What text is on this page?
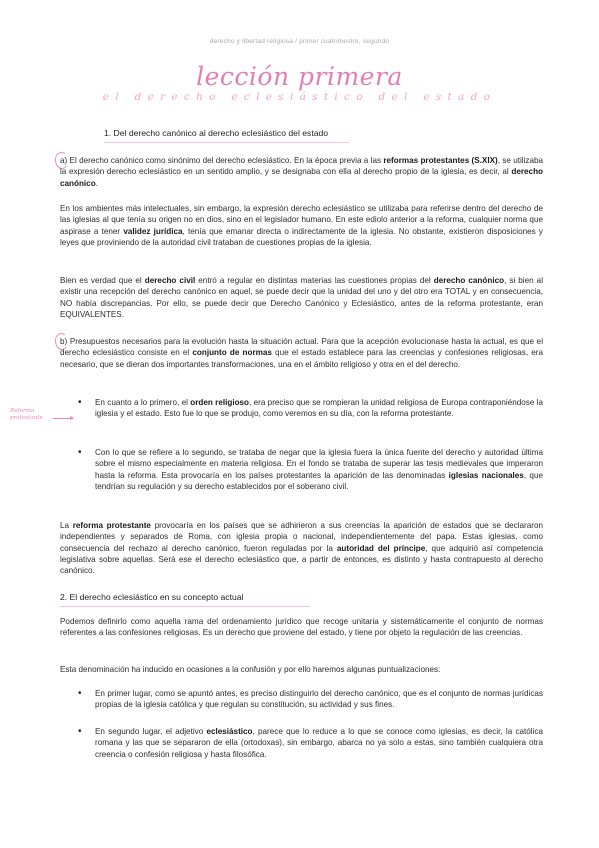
derecho y libertad religiosa / primer cuatrimestre, segundo
lección primera
el derecho eclesiástico del estado
1. Del derecho canónico al derecho eclesiástico del estado

a) El derecho canónico como sinónimo del derecho eclesiástico. En la época previa a las reformas protestantes (S.XIX), se utilizaba la expresión derecho eclesiástico en un sentido amplio, y se designaba con ella al derecho propio de la iglesia, es decir, al derecho canónico.

En los ambientes más intelectuales, sin embargo, la expresión derecho eclesiástico se utilizaba para referirse dentro del derecho de las iglesias al que tenía su origen no en dios, sino en el legislador humano. En este ediolo anterior a la reforma, cualquier norma que aspirase a tener validez jurídica, tenía que emanar directa o indirectamente de la iglesia. No obstante, existieron disposiciones y leyes que proviniendo de la autoridad civil trataban de cuestiones propias de la iglesia.

Bien es verdad que el derecho civil entró a regular en distintas materias las cuestiones propias del derecho canónico, si bien al existir una recepción del derecho canónico en aquel, se puede decir que la unidad del uno y del otro era TOTAL y en consecuencia, NO había discrepancias. Por ello, se puede decir que Derecho Canónico y Eclesiástico, antes de la reforma protestante, eran EQUIVALENTES.

b) Presupuestos necesarios para la evolución hasta la situación actual. Para que la acepción evolucionase hasta la actual, es que el derecho eclesiástico consiste en el conjunto de normas que el estado establece para las creencias y confesiones religiosas, era necesario, que se dieran dos importantes transformaciones, una en el ámbito religioso y otra en el del derecho.

Reforma protestante
• En cuanto a lo primero, el orden religioso, era preciso que se rompieran la unidad religiosa de Europa contraponiéndose la iglesia y el estado. Esto fue lo que se produjo, como veremos en su día, con la reforma protestante.

• Con lo que se refiere a lo segundo, se trataba de negar que la iglesia fuera la única fuente del derecho y autoridad última sobre el mismo especialmente en materia religiosa. En el fondo se trataba de superar las tesis medievales que imperaron hasta la reforma. Esta provocaría en los países protestantes la aparición de las denominadas iglesias nacionales, que tendrían su regulación y su derecho establecidos por el soberano civil.

La reforma protestante provocaría en los países que se adhirieron a sus creencias la aparición de estados que se declararon independientes y separados de Roma, con iglesia propia o nacional, independientemente del papa. Estas iglesias, como consecuencia del rechazo al derecho canónico, fueron reguladas por la autoridad del príncipe, que adquirió así competencia legislativa sobre aquellas. Será ese el derecho eclesiástico que, a partir de entonces, es distinto y hasta contrapuesto al derecho canónico.

2. El derecho eclesiástico en su concepto actual

Podemos definirlo como aquella rama del ordenamiento jurídico que recoge unitaria y sistemáticamente el conjunto de normas referentes a las confesiones religiosas. Es un derecho que proviene del estado, y tiene por objeto la regulación de las creencias.

Esta denominación ha inducido en ocasiones a la confusión y por ello haremos algunas puntualizaciones:

• En primer lugar, como se apuntó antes, es preciso distinguirlo del derecho canónico, que es el conjunto de normas jurídicas propias de la iglesia católica y que regulan su constitución, su actividad y sus fines.

• En segundo lugar, el adjetivo eclesiástico, parece que lo reduce a lo que se conoce como iglesias, es decir, la católica romana y las que se separaron de ella (ortodoxas), sin embargo, abarca no ya solo a estas, sino también cualquiera otra creencia o confesión religiosa y hasta filosófica.
